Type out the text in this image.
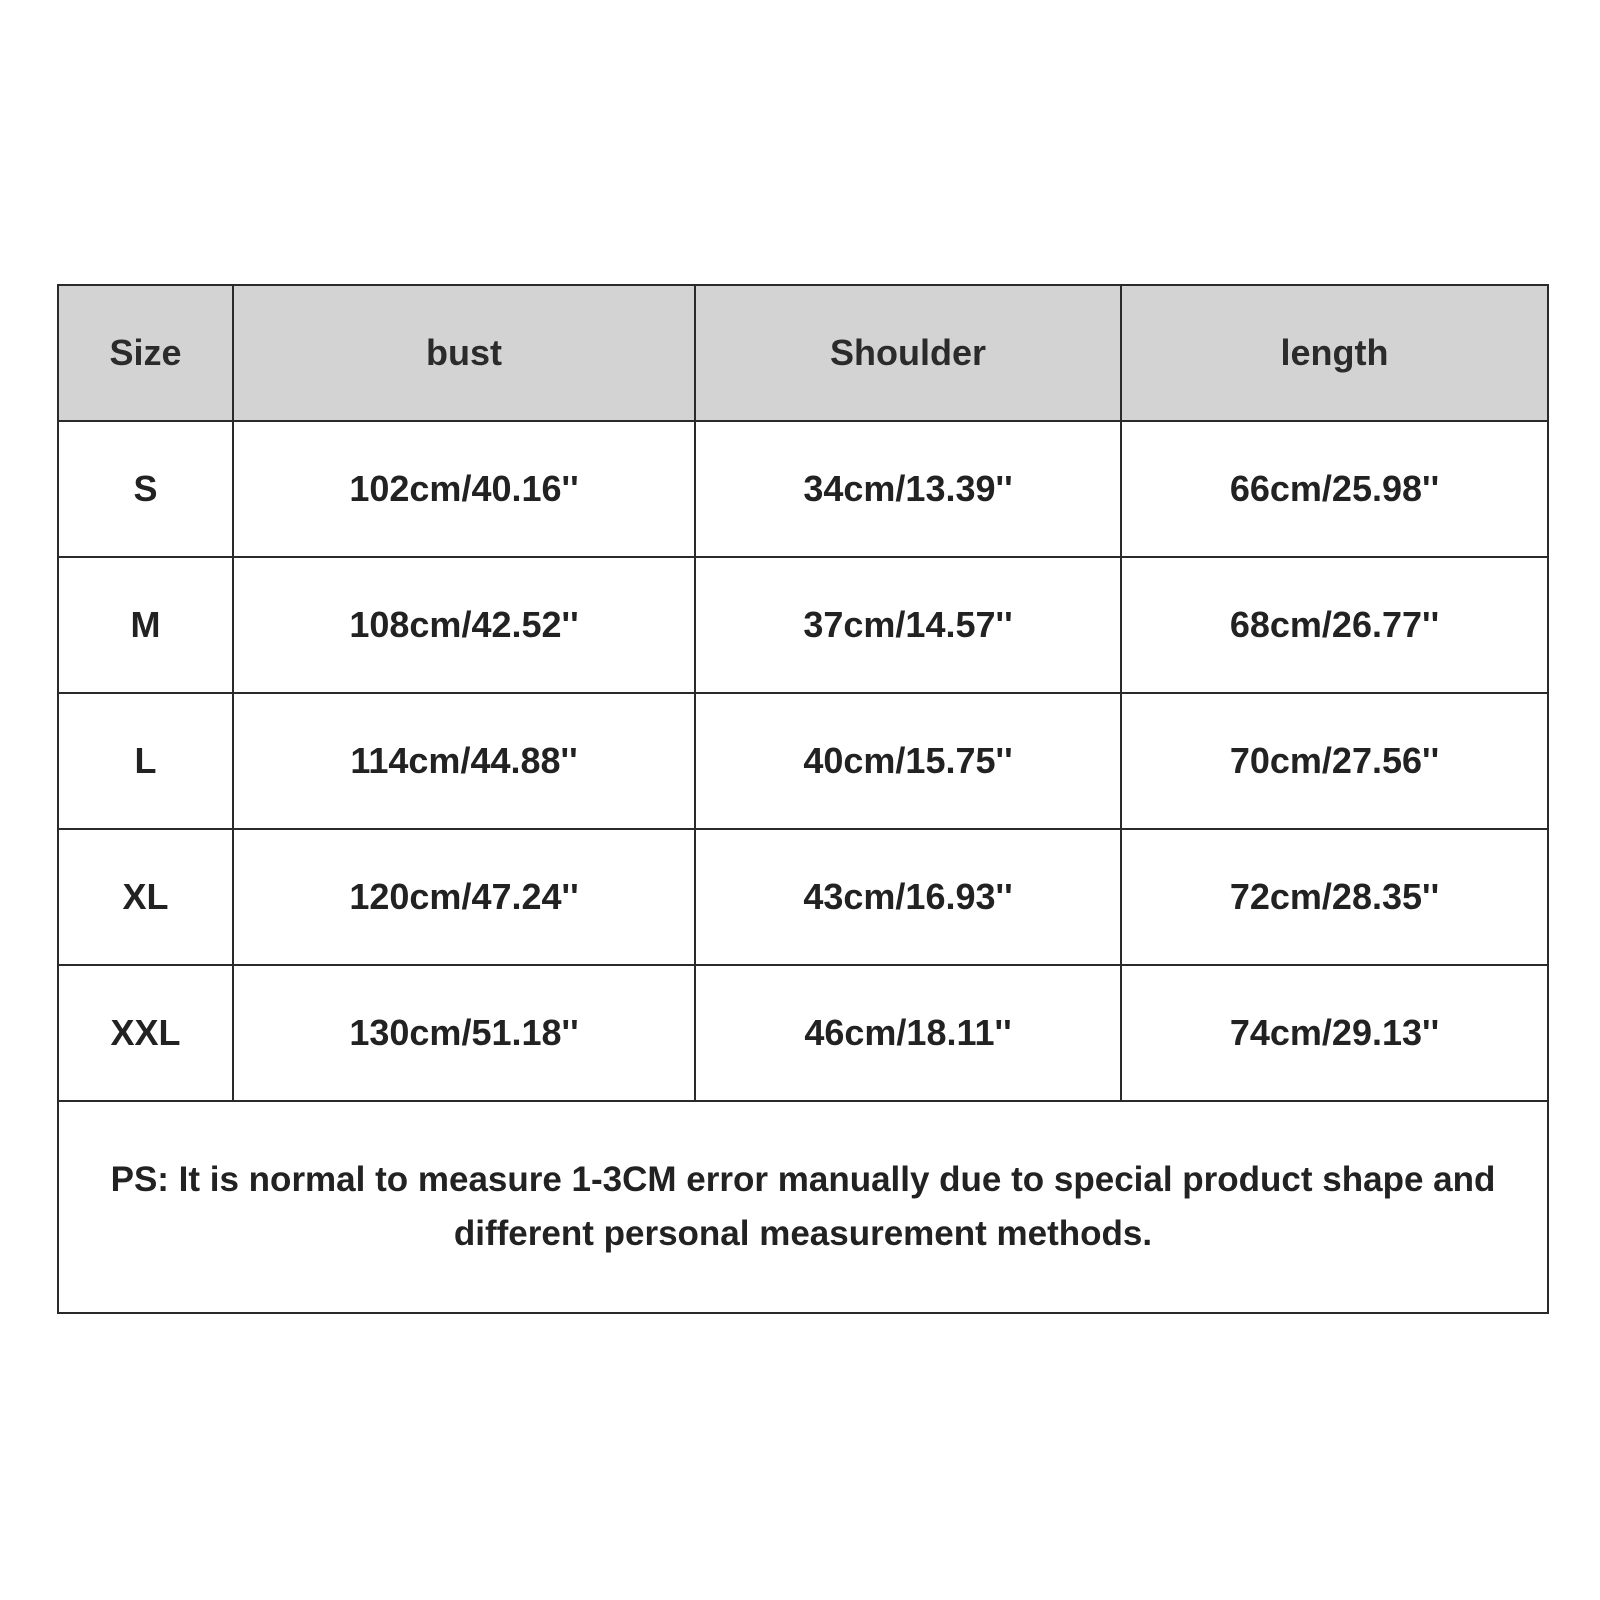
Size	bust	Shoulder	length
S	102cm/40.16''	34cm/13.39''	66cm/25.98''
M	108cm/42.52''	37cm/14.57''	68cm/26.77''
L	114cm/44.88''	40cm/15.75''	70cm/27.56''
XL	120cm/47.24''	43cm/16.93''	72cm/28.35''
XXL	130cm/51.18''	46cm/18.11''	74cm/29.13''
PS: It is normal to measure 1-3CM error manually due to special product shape and different personal measurement methods.			
